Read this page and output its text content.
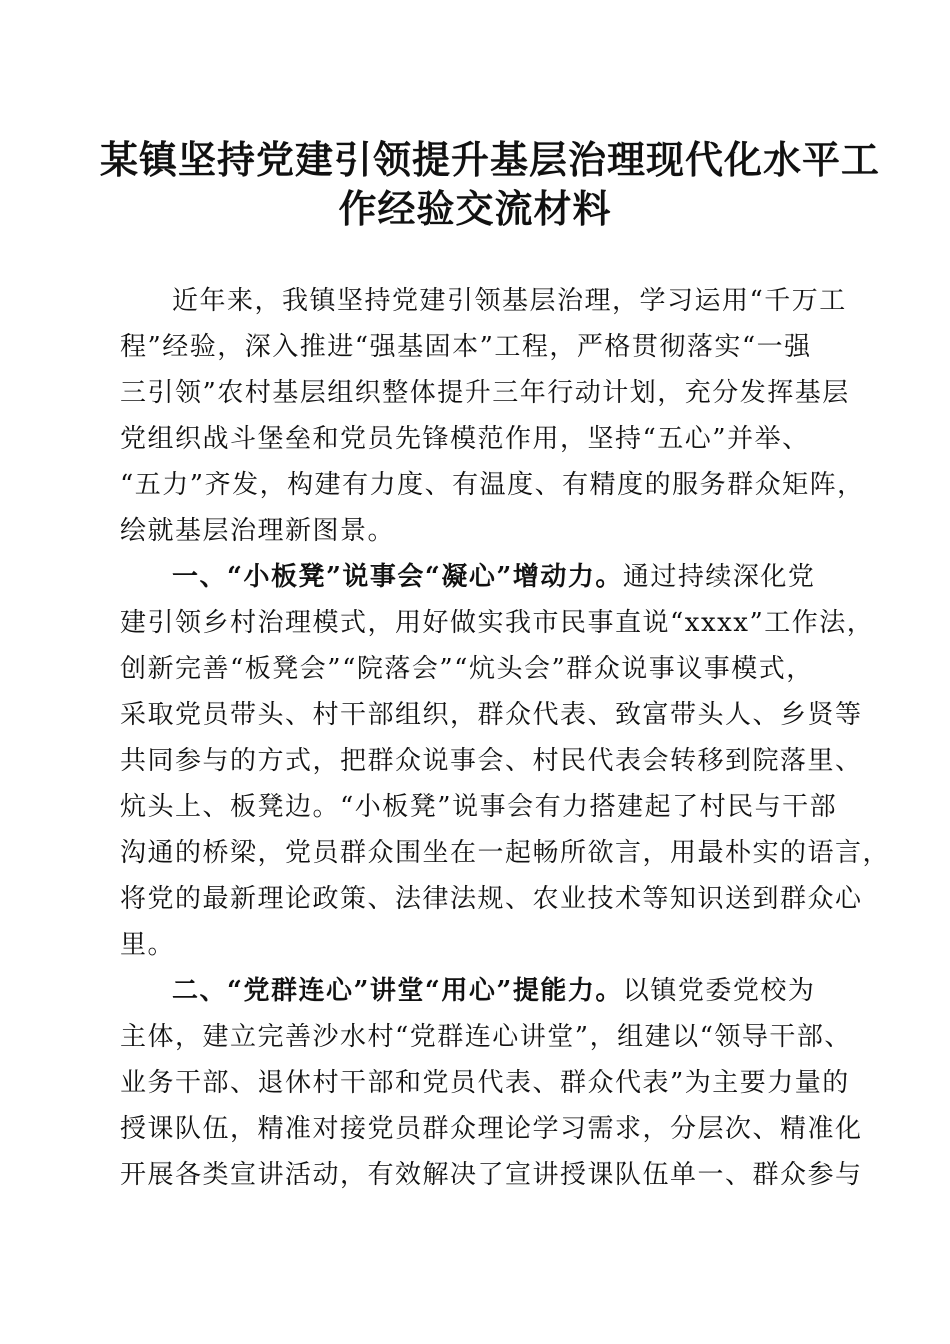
某镇坚持党建引领提升基层治理现代化水平工
作经验交流材料
近年来，我镇坚持党建引领基层治理，学习运用“千万工
程”经验，深入推进“强基固本”工程，严格贯彻落实“一强
三引领”农村基层组织整体提升三年行动计划，充分发挥基层
党组织战斗堡垒和党员先锋模范作用，坚持“五心”并举、
“五力”齐发，构建有力度、有温度、有精度的服务群众矩阵，
绘就基层治理新图景。
一、“小板凳”说事会“凝心”增动力。通过持续深化党
建引领乡村治理模式，用好做实我市民事直说“xxxx”工作法，
创新完善“板凳会”“院落会”“炕头会”群众说事议事模式，
采取党员带头、村干部组织，群众代表、致富带头人、乡贤等
共同参与的方式，把群众说事会、村民代表会转移到院落里、
炕头上、板凳边。“小板凳”说事会有力搭建起了村民与干部
沟通的桥梁，党员群众围坐在一起畅所欲言，用最朴实的语言，
将党的最新理论政策、法律法规、农业技术等知识送到群众心
里。
二、“党群连心”讲堂“用心”提能力。以镇党委党校为
主体，建立完善沙水村“党群连心讲堂”，组建以“领导干部、
业务干部、退休村干部和党员代表、群众代表”为主要力量的
授课队伍，精准对接党员群众理论学习需求，分层次、精准化
开展各类宣讲活动，有效解决了宣讲授课队伍单一、群众参与
